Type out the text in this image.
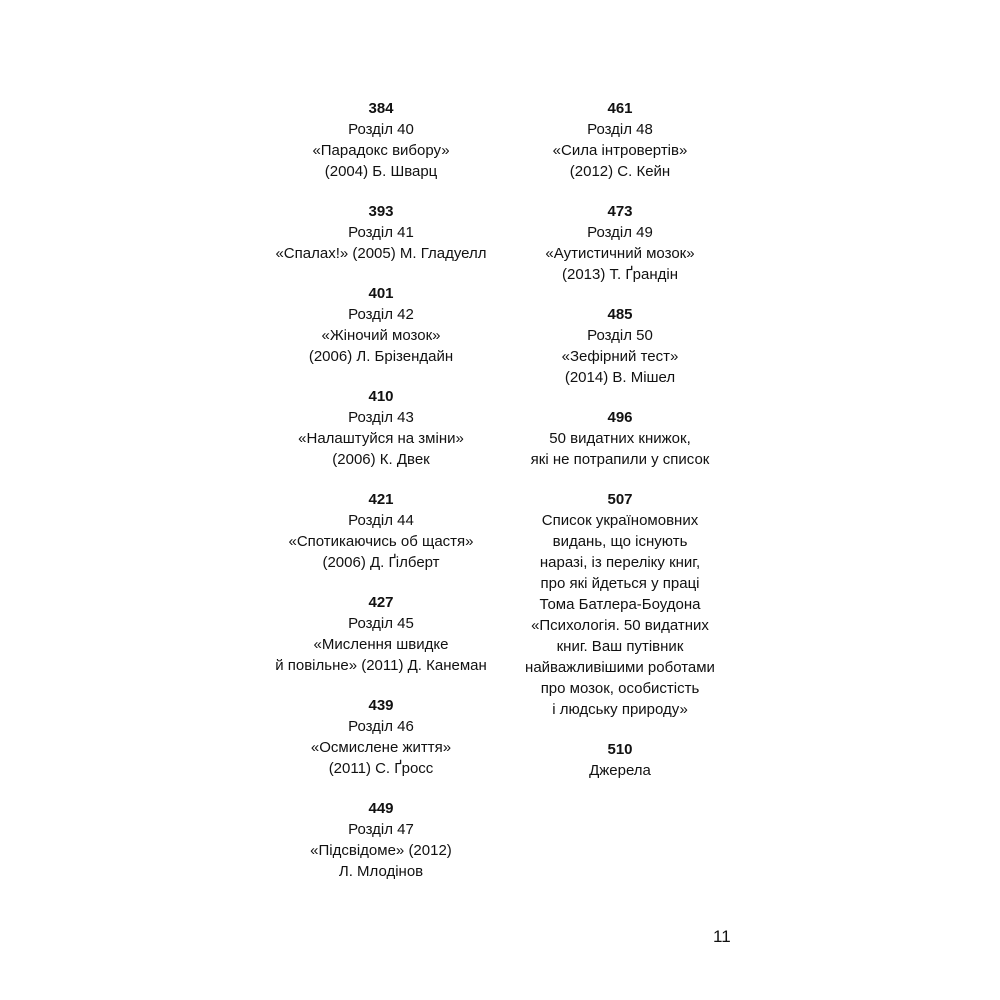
384
Розділ 40
«Парадокс вибору»
(2004) Б. Шварц
393
Розділ 41
«Спалах!» (2005) М. Гладуелл
401
Розділ 42
«Жіночий мозок»
(2006) Л. Брізендайн
410
Розділ 43
«Налаштуйся на зміни»
(2006) К. Двек
421
Розділ 44
«Спотикаючись об щастя»
(2006) Д. Ґілберт
427
Розділ 45
«Мислення швидке
й повільне» (2011) Д. Канеман
439
Розділ 46
«Осмислене життя»
(2011) С. Ґросс
449
Розділ 47
«Підсвідоме» (2012)
Л. Млодінов
461
Розділ 48
«Сила інтровертів»
(2012) С. Кейн
473
Розділ 49
«Аутистичний мозок»
(2013) Т. Ґрандін
485
Розділ 50
«Зефірний тест»
(2014) В. Мішел
496
50 видатних книжок,
які не потрапили у список
507
Список україномовних
видань, що існують
наразі, із переліку книг,
про які йдеться у праці
Тома Батлера-Боудона
«Психологія. 50 видатних
книг. Ваш путівник
найважливішими роботами
про мозок, особистість
і людську природу»
510
Джерела
11
